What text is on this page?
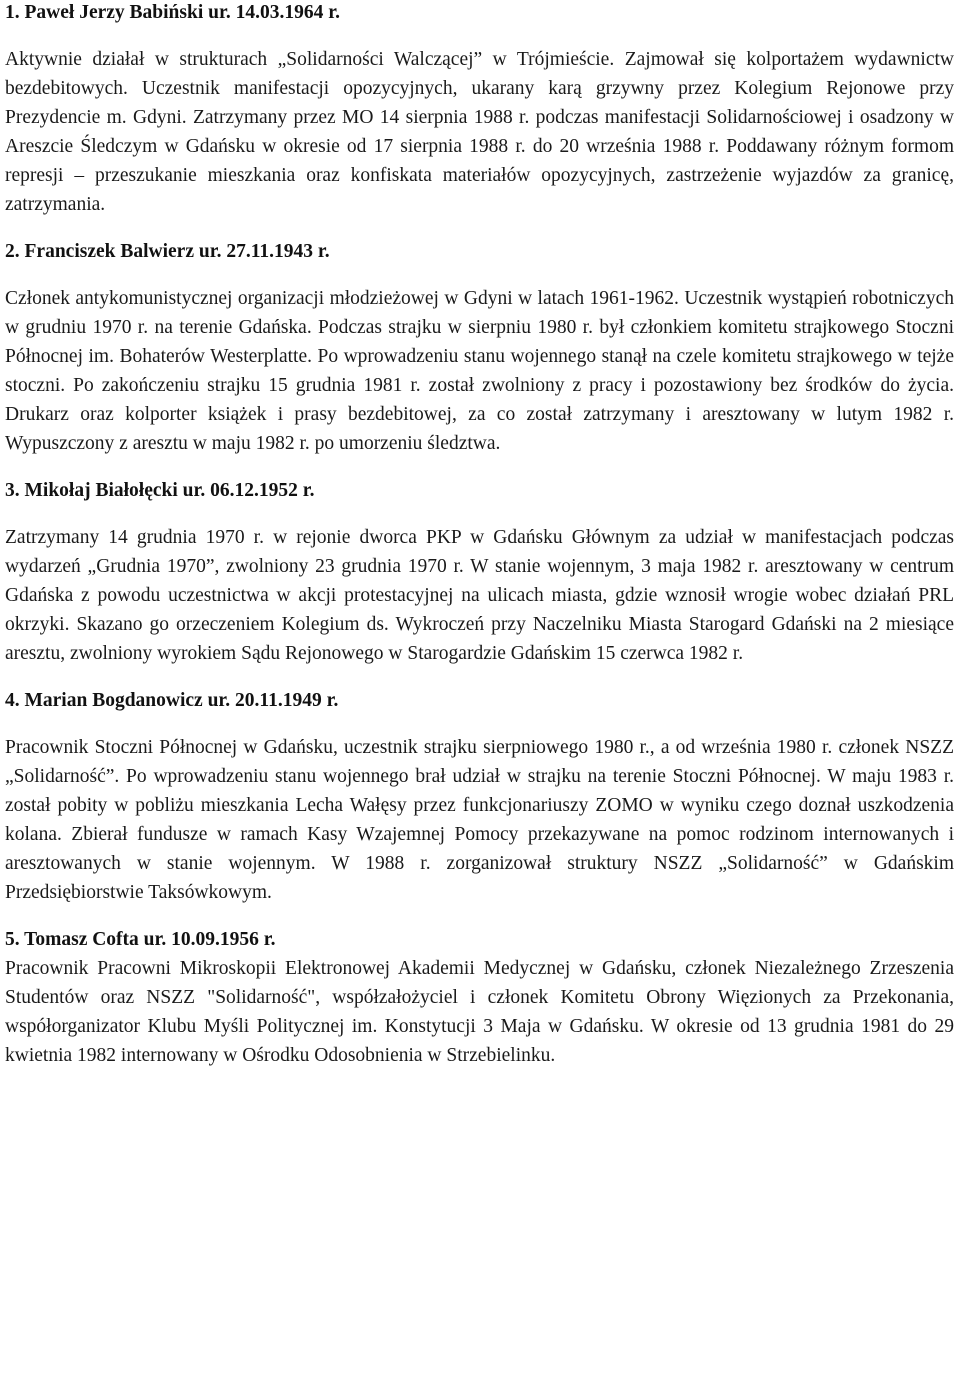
1. Paweł Jerzy Babiński ur. 14.03.1964 r.

Aktywnie działał w strukturach „Solidarności Walczącej” w Trójmieście. Zajmował się kolportażem wydawnictw bezdebitowych. Uczestnik manifestacji opozycyjnych, ukarany karą grzywny przez Kolegium Rejonowe przy Prezydencie m. Gdyni. Zatrzymany przez MO 14 sierpnia 1988 r. podczas manifestacji Solidarnościowej i osadzony w Areszcie Śledczym w Gdańsku w okresie od 17 sierpnia 1988 r. do 20 września 1988 r. Poddawany różnym formom represji – przeszukanie mieszkania oraz konfiskata materiałów opozycyjnych, zastrzeżenie wyjazdów za granicę, zatrzymania.

2. Franciszek Balwierz ur. 27.11.1943 r.

Członek antykomunistycznej organizacji młodzieżowej w Gdyni w latach 1961-1962. Uczestnik wystąpień robotniczych w grudniu 1970 r. na terenie Gdańska. Podczas strajku w sierpniu 1980 r. był członkiem komitetu strajkowego Stoczni Północnej im. Bohaterów Westerplatte. Po wprowadzeniu stanu wojennego stanął na czele komitetu strajkowego w tejże stoczni. Po zakończeniu strajku 15 grudnia 1981 r. został zwolniony z pracy i pozostawiony bez środków do życia. Drukarz oraz kolporter książek i prasy bezdebitowej, za co został zatrzymany i aresztowany w lutym 1982 r. Wypuszczony z aresztu w maju 1982 r. po umorzeniu śledztwa.

3. Mikołaj Białołęcki ur. 06.12.1952 r.

Zatrzymany 14 grudnia 1970 r. w rejonie dworca PKP w Gdańsku Głównym za udział w manifestacjach podczas wydarzeń „Grudnia 1970”, zwolniony 23 grudnia 1970 r. W stanie wojennym, 3 maja 1982 r. aresztowany w centrum Gdańska z powodu uczestnictwa w akcji protestacyjnej na ulicach miasta, gdzie wznosił wrogie wobec działań PRL okrzyki. Skazano go orzeczeniem Kolegium ds. Wykroczeń przy Naczelniku Miasta Starogard Gdański na 2 miesiące aresztu, zwolniony wyrokiem Sądu Rejonowego w Starogardzie Gdańskim 15 czerwca 1982 r.

4. Marian Bogdanowicz ur. 20.11.1949 r.

Pracownik Stoczni Północnej w Gdańsku, uczestnik strajku sierpniowego 1980 r., a od września 1980 r. członek NSZZ „Solidarność”. Po wprowadzeniu stanu wojennego brał udział w strajku na terenie Stoczni Północnej. W maju 1983 r. został pobity w pobliżu mieszkania Lecha Wałęsy przez funkcjonariuszy ZOMO w wyniku czego doznał uszkodzenia kolana. Zbierał fundusze w ramach Kasy Wzajemnej Pomocy przekazywane na pomoc rodzinom internowanych i aresztowanych w stanie wojennym. W 1988 r. zorganizował struktury NSZZ „Solidarność” w Gdańskim Przedsiębiorstwie Taksówkowym.

5. Tomasz Cofta ur. 10.09.1956 r.

Pracownik Pracowni Mikroskopii Elektronowej Akademii Medycznej w Gdańsku, członek Niezależnego Zrzeszenia Studentów oraz NSZZ "Solidarność", współzałożyciel i członek Komitetu Obrony Więzionych za Przekonania, współorganizator Klubu Myśli Politycznej im. Konstytucji 3 Maja w Gdańsku. W okresie od 13 grudnia 1981 do 29 kwietnia 1982 internowany w Ośrodku Odosobnienia w Strzebielinku.
